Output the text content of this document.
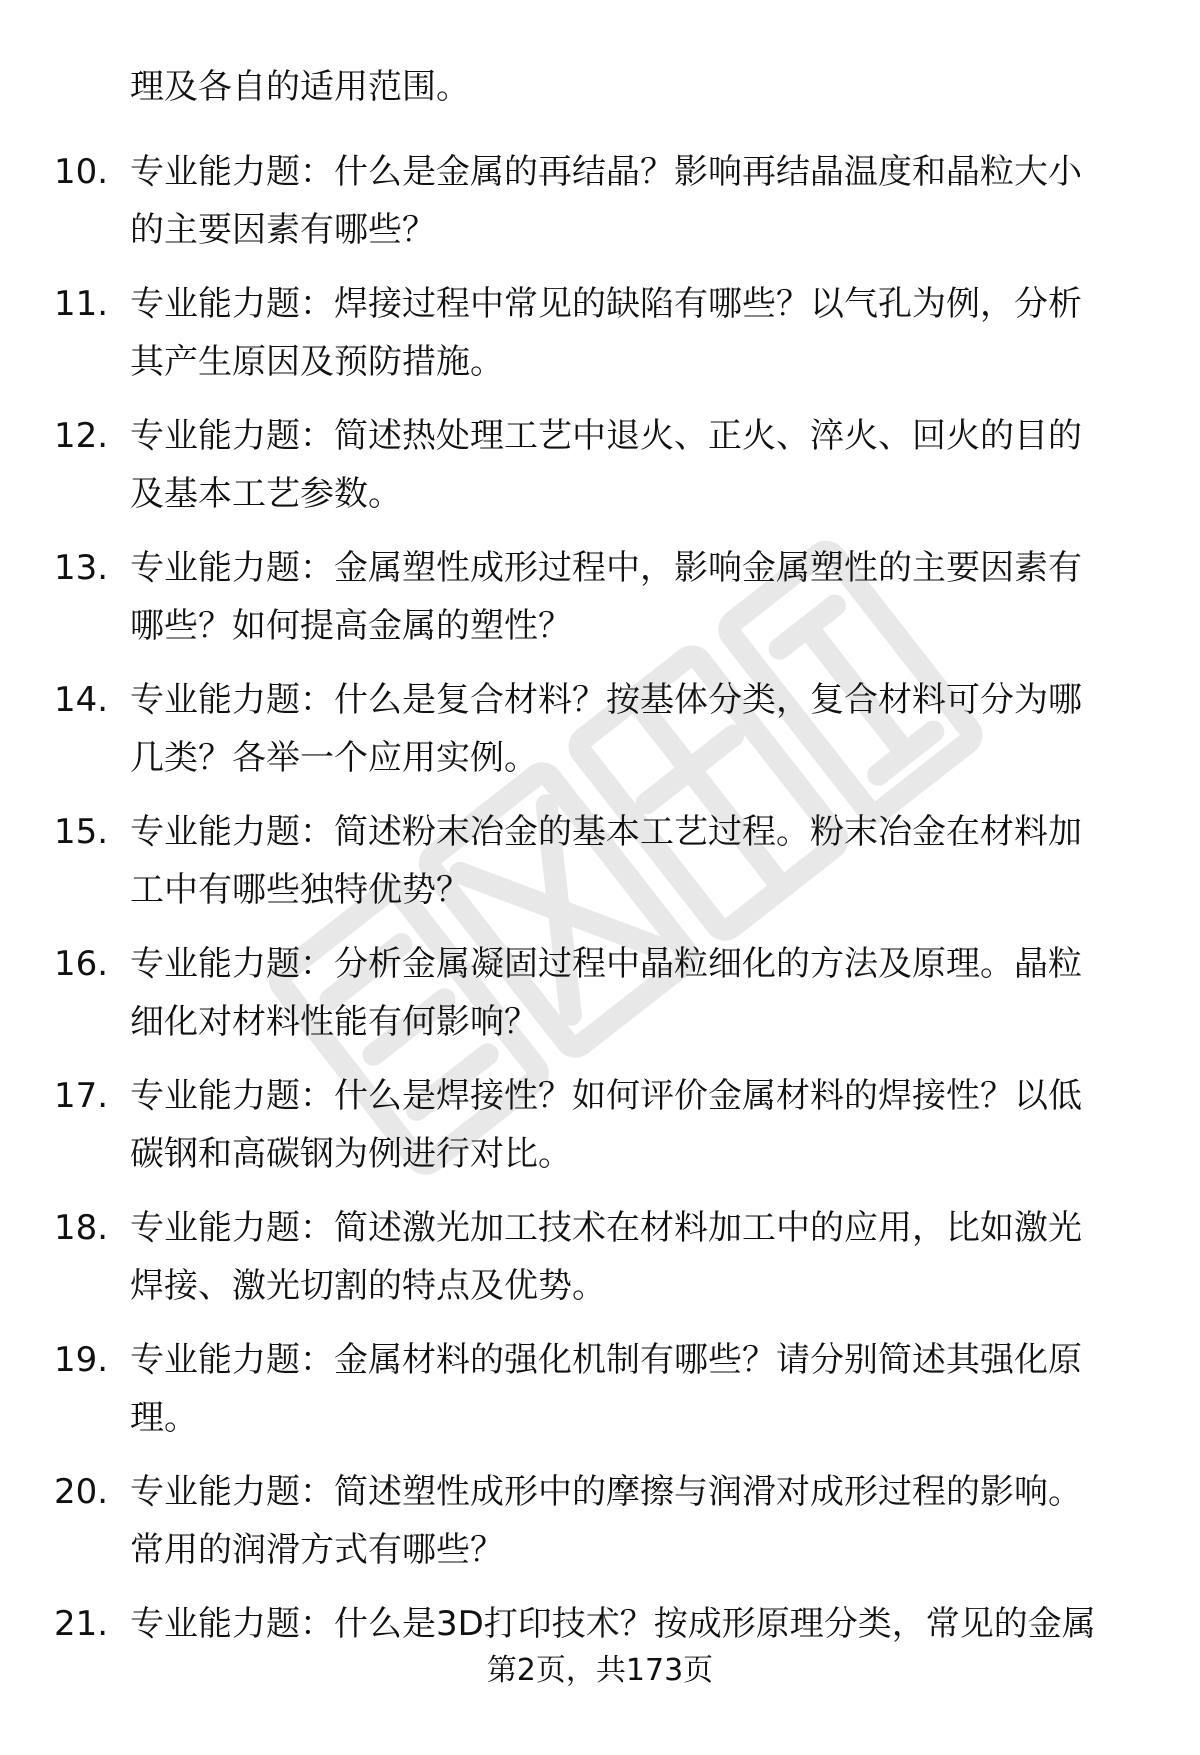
理及各自的适用范围。
10. 专业能力题：什么是金属的再结晶？影响再结晶温度和晶粒大小
的主要因素有哪些？
11. 专业能力题：焊接过程中常见的缺陷有哪些？以气孔为例，分析
其产生原因及预防措施。
12. 专业能力题：简述热处理工艺中退火、正火、淬火、回火的目的
及基本工艺参数。
13. 专业能力题：金属塑性成形过程中，影响金属塑性的主要因素有
哪些？如何提高金属的塑性？
14. 专业能力题：什么是复合材料？按基体分类，复合材料可分为哪
几类？各举一个应用实例。
15. 专业能力题：简述粉末冶金的基本工艺过程。粉末冶金在材料加
工中有哪些独特优势？
16. 专业能力题：分析金属凝固过程中晶粒细化的方法及原理。晶粒
细化对材料性能有何影响？
17. 专业能力题：什么是焊接性？如何评价金属材料的焊接性？以低
碳钢和高碳钢为例进行对比。
18. 专业能力题：简述激光加工技术在材料加工中的应用，比如激光
焊接、激光切割的特点及优势。
19. 专业能力题：金属材料的强化机制有哪些？请分别简述其强化原
理。
20. 专业能力题：简述塑性成形中的摩擦与润滑对成形过程的影响。
常用的润滑方式有哪些？
21. 专业能力题：什么是3D打印技术？按成形原理分类，常见的金属
第2页，共173页
